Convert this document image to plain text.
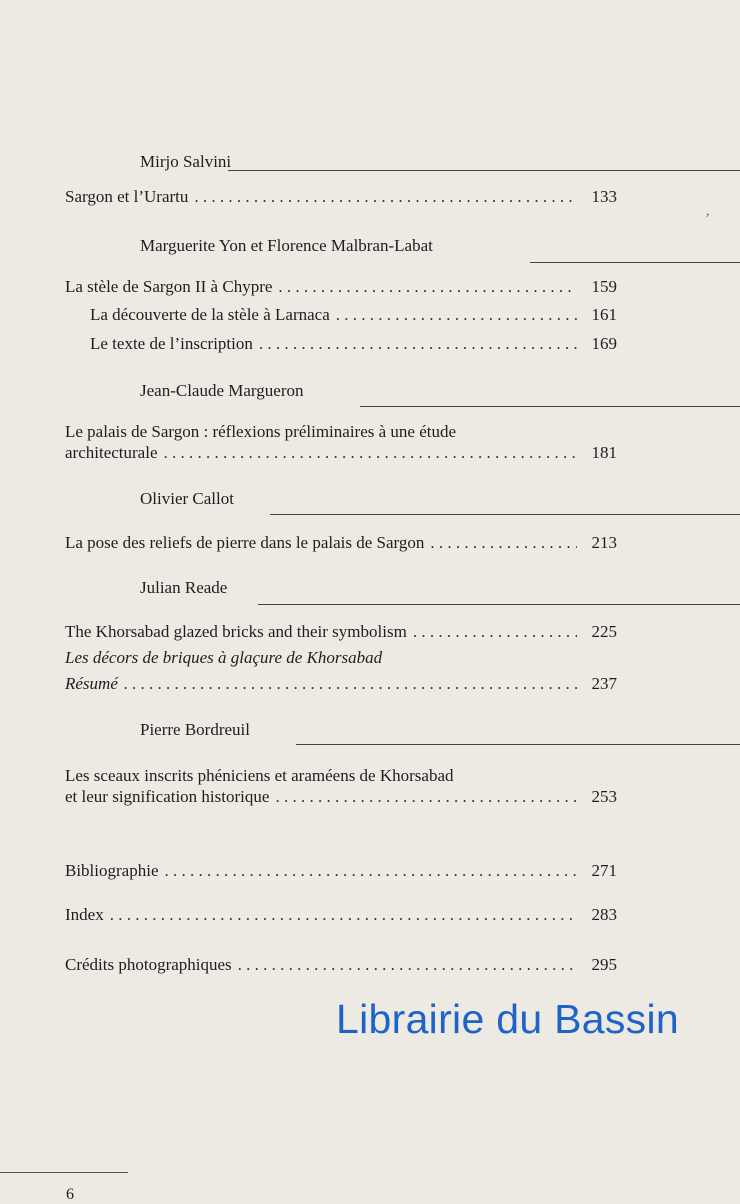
Mirjo Salvini
Sargon et l’Urartu . . .	133
Marguerite Yon et Florence Malbran-Labat
La stèle de Sargon II à Chypre . . .	159
La découverte de la stèle à Larnaca . . .	161
Le texte de l’inscription . . .	169
Jean-Claude Margueron
Le palais de Sargon : réflexions préliminaires à une étude
architecturale . . .	181
Olivier Callot
La pose des reliefs de pierre dans le palais de Sargon . . .	213
Julian Reade
The Khorsabad glazed bricks and their symbolism . . .	225
Les décors de briques à glaçure de Khorsabad
Résumé . . .	237
Pierre Bordreuil
Les sceaux inscrits phéniciens et araméens de Khorsabad
et leur signification historique . . .	253
Bibliographie . . .	271
Index . . .	283
Crédits photographiques . . .	295
,
Librairie du Bassin
6
